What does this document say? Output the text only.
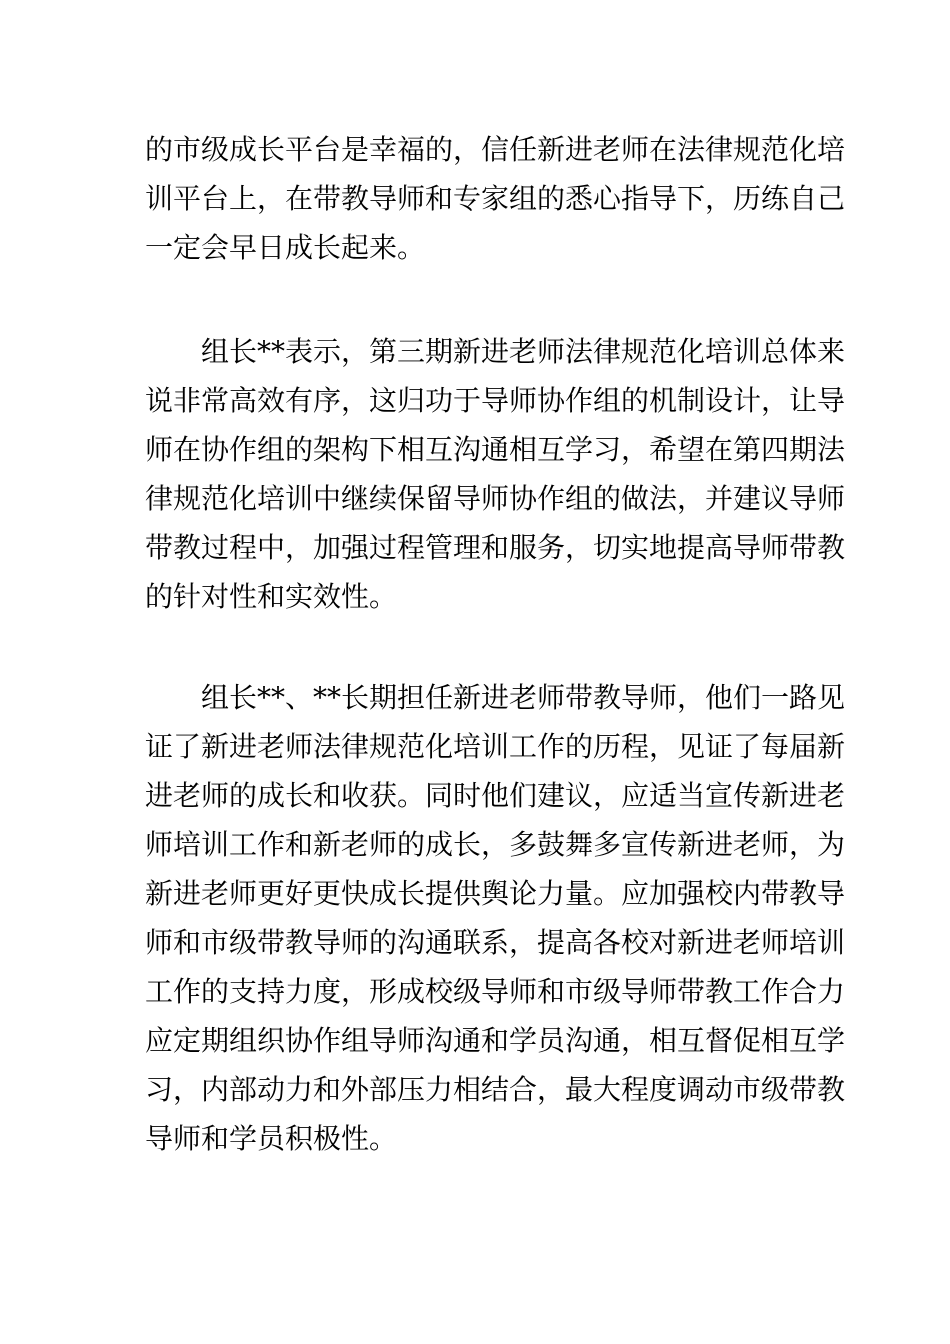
的市级成长平台是幸福的，信任新进老师在法律规范化培
训平台上，在带教导师和专家组的悉心指导下，历练自己
一定会早日成长起来。
组长**表示，第三期新进老师法律规范化培训总体来
说非常高效有序，这归功于导师协作组的机制设计，让导
师在协作组的架构下相互沟通相互学习，希望在第四期法
律规范化培训中继续保留导师协作组的做法，并建议导师
带教过程中，加强过程管理和服务，切实地提高导师带教
的针对性和实效性。
组长**、**长期担任新进老师带教导师，他们一路见
证了新进老师法律规范化培训工作的历程，见证了每届新
进老师的成长和收获。同时他们建议，应适当宣传新进老
师培训工作和新老师的成长，多鼓舞多宣传新进老师，为
新进老师更好更快成长提供舆论力量。应加强校内带教导
师和市级带教导师的沟通联系，提高各校对新进老师培训
工作的支持力度，形成校级导师和市级导师带教工作合力
应定期组织协作组导师沟通和学员沟通，相互督促相互学
习，内部动力和外部压力相结合，最大程度调动市级带教
导师和学员积极性。
